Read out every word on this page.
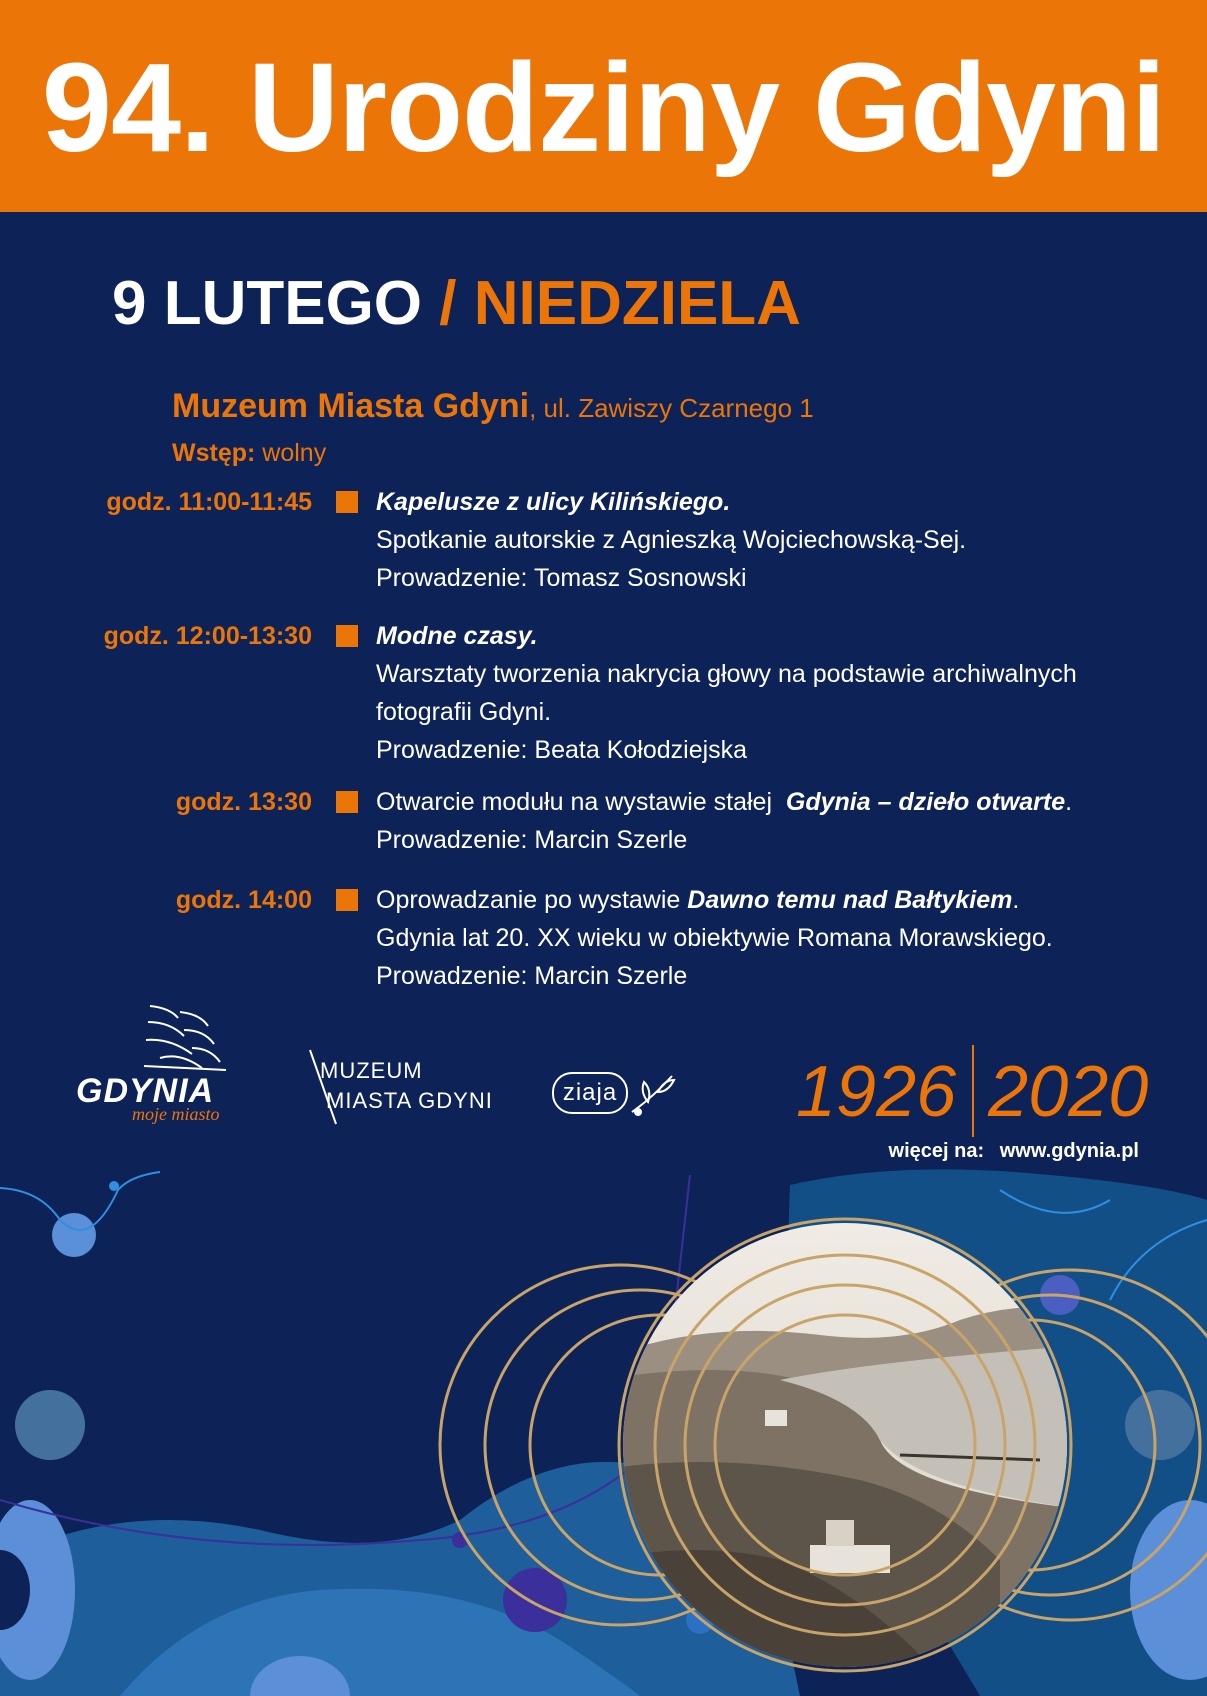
94. Urodziny Gdyni
9 LUTEGO / NIEDZIELA
Muzeum Miasta Gdyni, ul. Zawiszy Czarnego 1
Wstęp: wolny
godz. 11:00-11:45	Kapelusze z ulicy Kilińskiego.

Spotkanie autorskie z Agnieszką Wojciechowską-Sej.

Prowadzenie: Tomasz Sosnowski

godz. 12:00-13:30	Modne czasy.

Warsztaty tworzenia nakrycia głowy na podstawie archiwalnych fotografii Gdyni.

Prowadzenie: Beata Kołodziejska

godz. 13:30	Otwarcie modułu na wystawie stałej Gdynia – dzieło otwarte.

Prowadzenie: Marcin Szerle

godz. 14:00	Oprowadzanie po wystawie Dawno temu nad Bałtykiem.

Gdynia lat 20. XX wieku w obiektywie Romana Morawskiego.

Prowadzenie: Marcin Szerle

GDYNIA
moje miasto
MUZEUM
MIASTA GDYNI	ziaja 1926 2020
więcej na: www.gdynia.pl
